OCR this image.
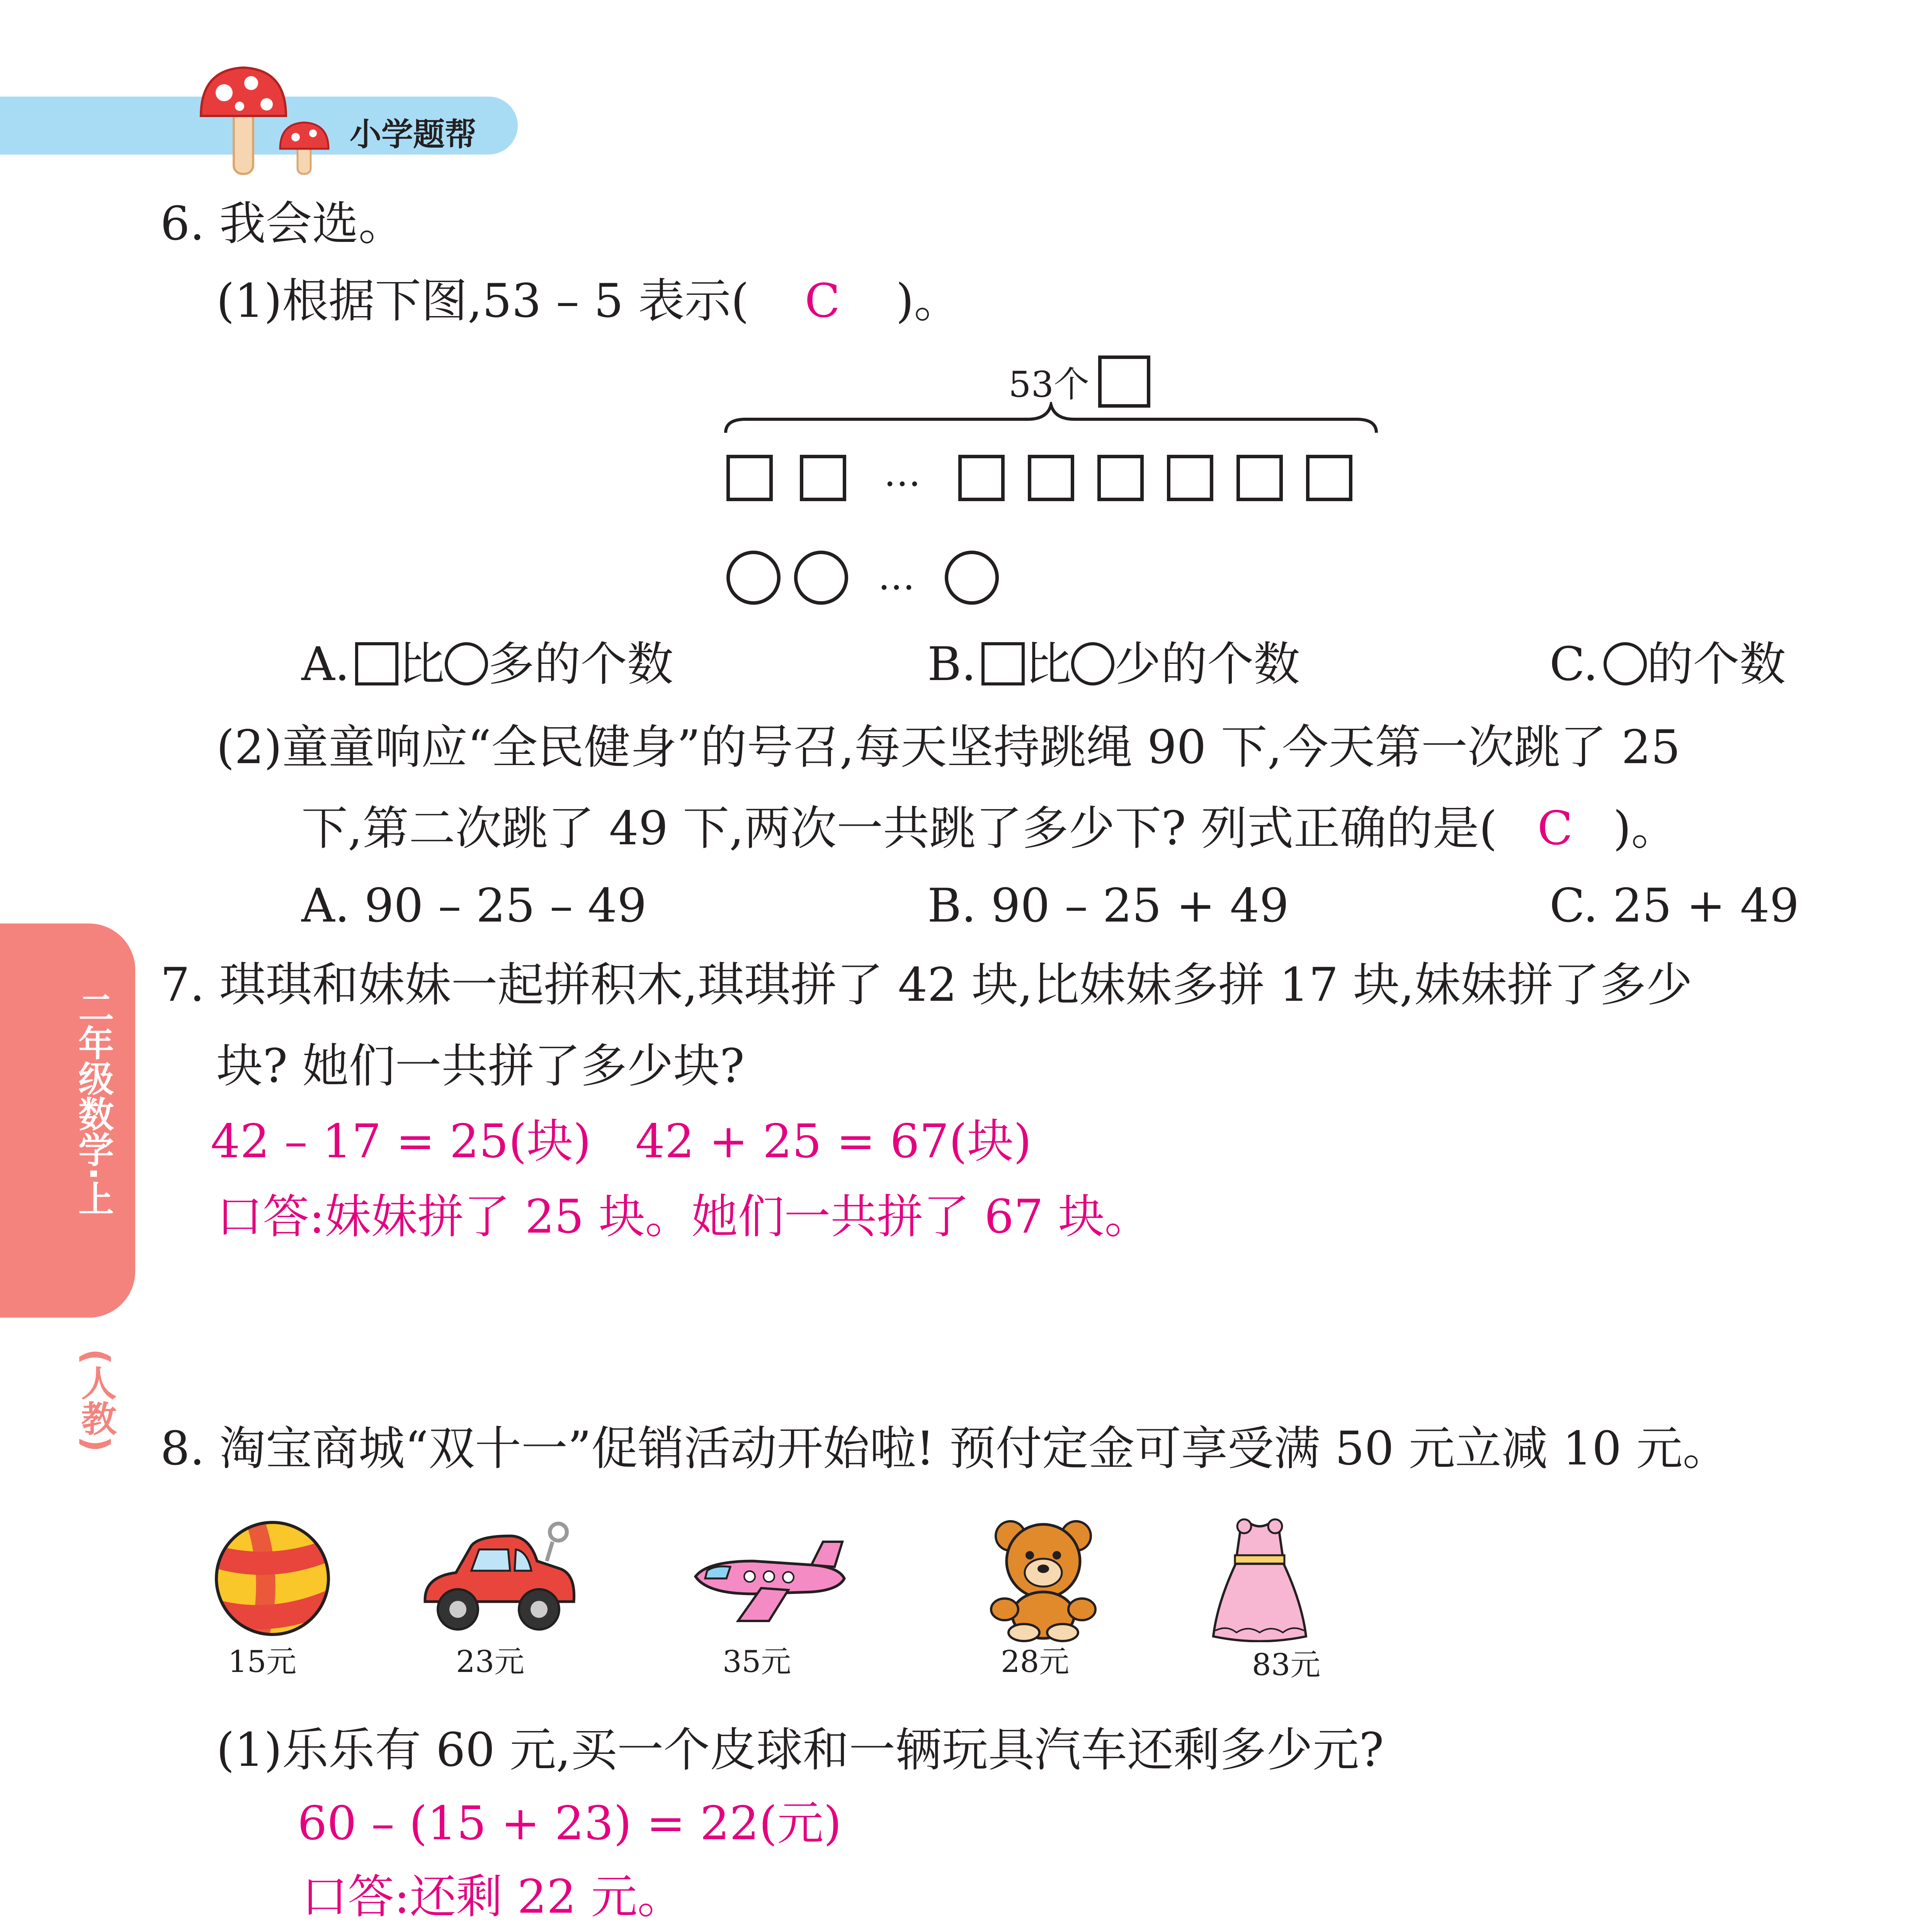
小学题帮
二年级数学·上
(人教)
6. 我会选。
(1)根据下图,53 – 5 表示( C )。
53个
…
…
A. 比 多的个数	B. 比 少的个数	C. 的个数
(2)童童响应“全民健身”的号召,每天坚持跳绳 90 下,今天第一次跳了 25
下,第二次跳了 49 下,两次一共跳了多少下? 列式正确的是( C )。
A. 90 – 25 – 49	B. 90 – 25 + 49	C. 25 + 49
7. 琪琪和妹妹一起拼积木,琪琪拼了 42 块,比妹妹多拼 17 块,妹妹拼了多少
块? 她们一共拼了多少块?
42 – 17 = 25(块)   42 + 25 = 67(块)
口答:妹妹拼了 25 块。她们一共拼了 67 块。
8. 淘宝商城“双十一”促销活动开始啦! 预付定金可享受满 50 元立减 10 元。
15元	23元	35元	28元	83元
(1)乐乐有 60 元,买一个皮球和一辆玩具汽车还剩多少元?
60 – (15 + 23) = 22(元)
口答:还剩 22 元。
